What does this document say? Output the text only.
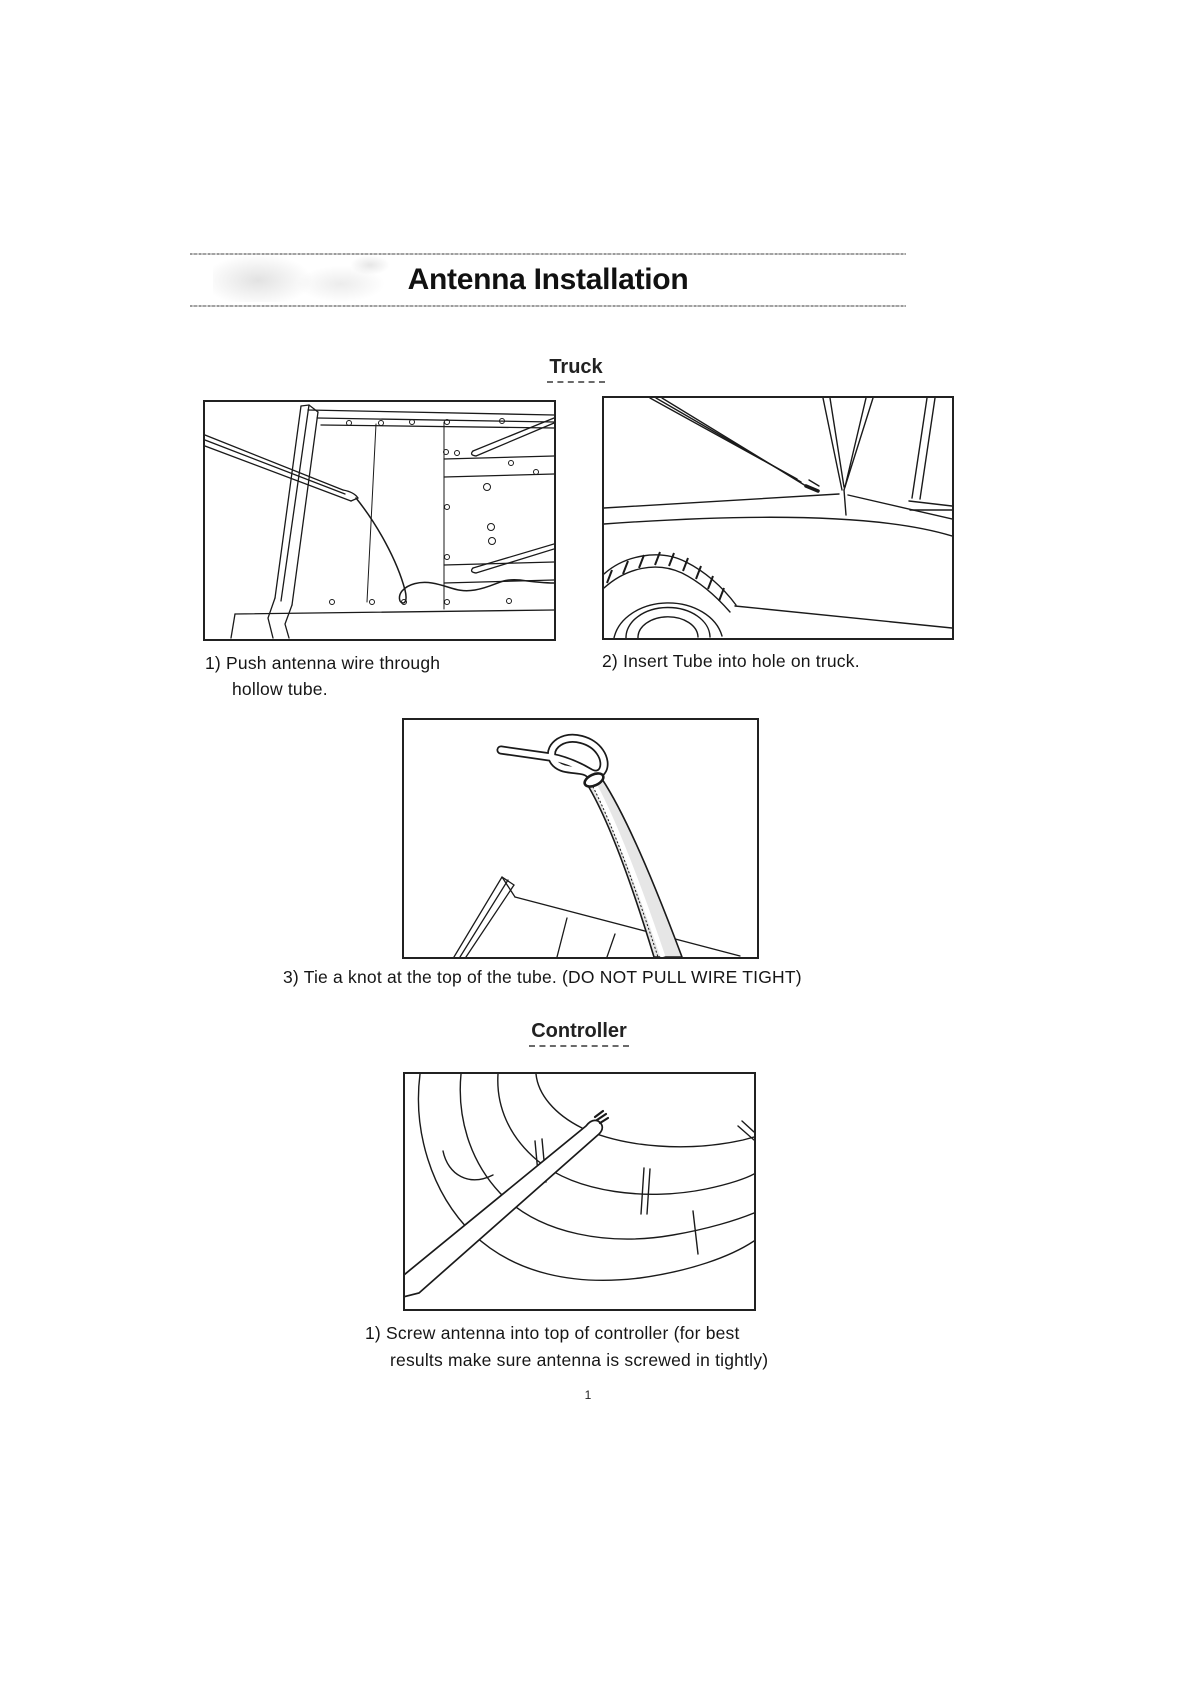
Antenna Installation
Truck
1) Push antenna wire through
hollow tube.
2) Insert Tube into hole on truck.
3) Tie a knot at the top of the tube. (DO NOT PULL WIRE TIGHT)
Controller
1) Screw antenna into top of controller (for best
results make sure antenna is screwed in tightly)
1
